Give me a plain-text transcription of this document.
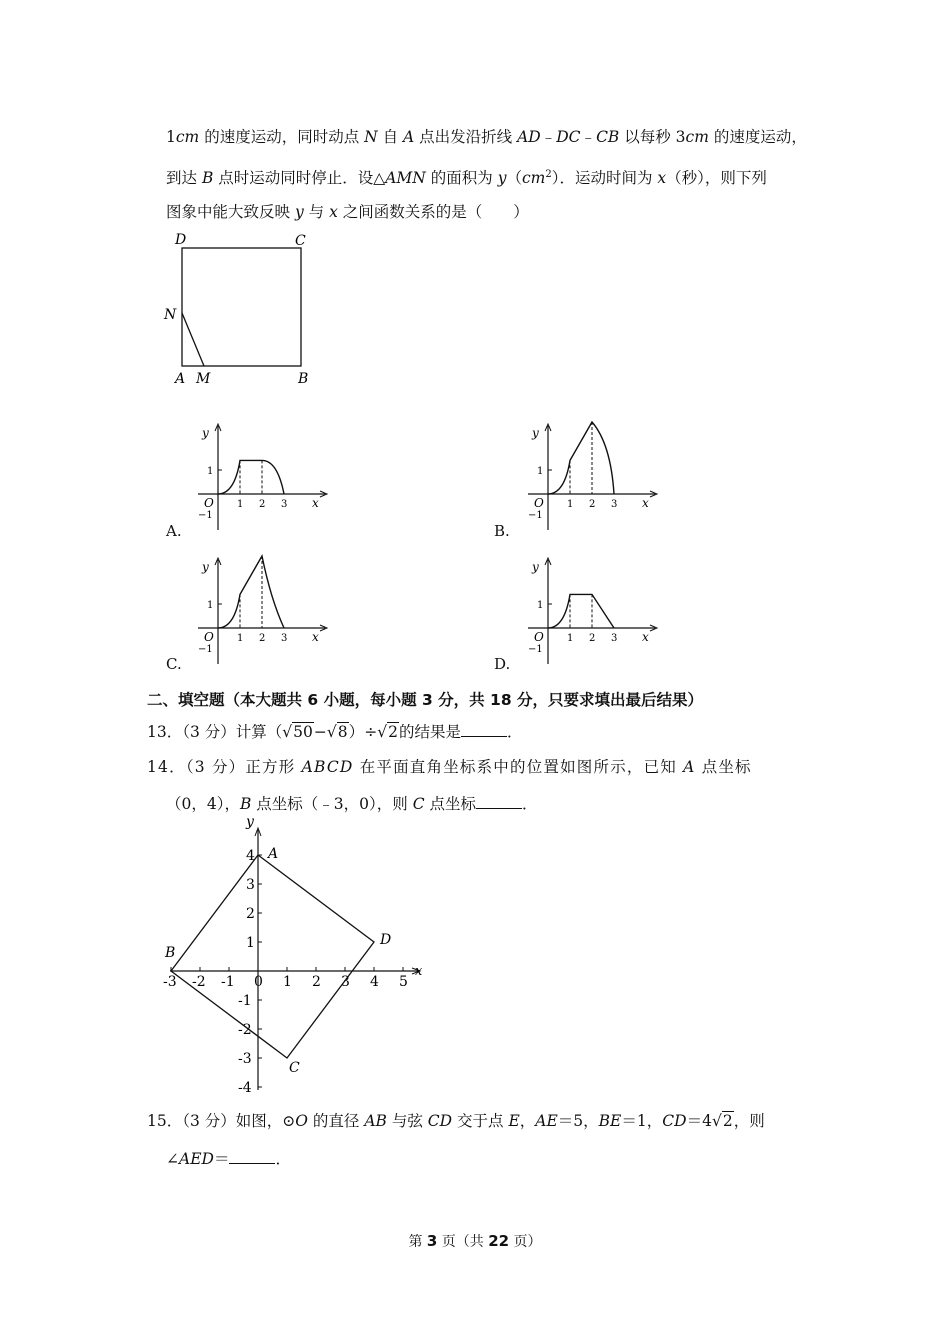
1cm 的速度运动，同时动点 N 自 A 点出发沿折线 AD﹣DC﹣CB 以每秒 3cm 的速度运动，
到达 B 点时运动同时停止．设△AMN 的面积为 $y(cm^2)$．运动时间为 x（秒），则下列
图象中能大致反映 y 与 x 之间函数关系的是（　　）
D	C
N
A M	B
y
x
O
1
−1
1 2 3
y
x
O
1
−1
1 2 3
y
x
O
1
−1
1 2 3
y
x
O
1
−1
1 2 3
A.	B.
C.	D.
二、填空题（本大题共 6 小题，每小题 3 分，共 18 分，只要求填出最后结果）
13．（3 分）计算（√50−√8）÷√2的结果是	．
14．（3 分）正方形 ABCD 在平面直角坐标系中的位置如图所示，已知 A 点坐标
（0，4），B 点坐标（﹣3，0），则 C 点坐标	．
-3 -2 -1 0 1 2 3 4 5
4
3
2
1
-1
-2
-3
-4
y
x
A
B
C
D
15．（3 分）如图，⊙O 的直径 AB 与弦 CD 交于点 E，AE＝5，BE＝1，CD＝4√2，则
∠AED＝	．
第 3 页（共 22 页）
